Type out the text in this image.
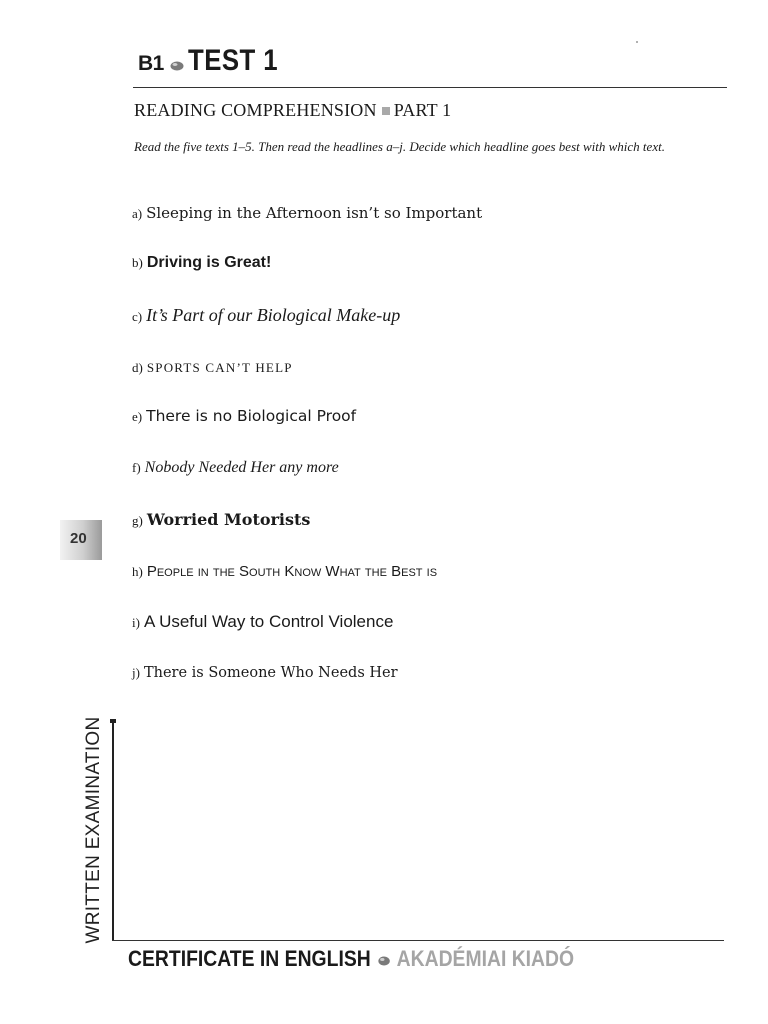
B1 TEST 1
READING COMPREHENSION PART 1
Read the five texts 1–5. Then read the headlines a–j. Decide which headline goes best with which text.
a) Sleeping in the Afternoon isn’t so Important
b) Driving is Great!
c) It’s Part of our Biological Make-up
d) SPORTS CAN’T HELP
e) There is no Biological Proof
f) Nobody Needed Her any more
g) Worried Motorists
h) People in the South Know What the Best is
i) A Useful Way to Control Violence
j) There is Someone Who Needs Her
20
WRITTEN EXAMINATION
CERTIFICATE IN ENGLISH AKADÉMIAI KIADÓ
